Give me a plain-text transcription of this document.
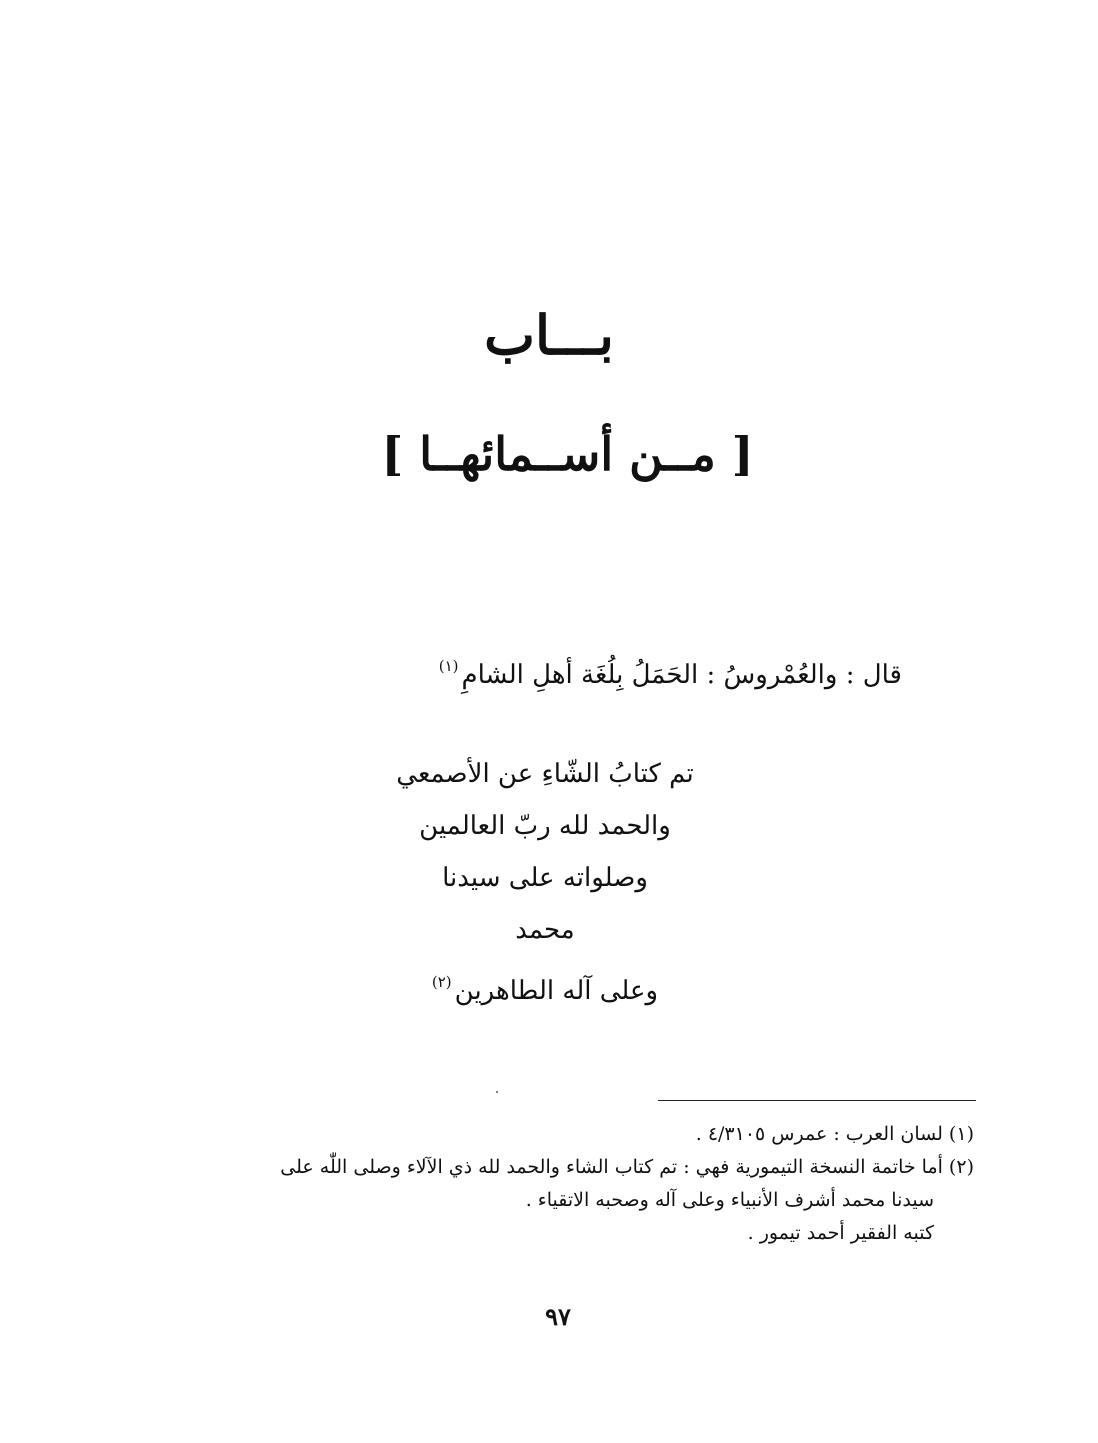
بـــاب
[ مــن أســمائهــا ]
قال : والعُمْروسُ : الحَمَلُ بِلُغَة أهلِ الشامِ$^{(١)}$
تم كتابُ الشّاءِ عن الأصمعي
والحمد لله ربّ العالمين
وصلواته على سيدنا
محمد
وعلى آله الطاهرين$^{(٢)}$
(١) لسان العرب : عمرس ٤/٣١٠٥ .
(٢) أما خاتمة النسخة التيمورية فهي : تم كتاب الشاء والحمد لله ذي الآلاء وصلى اللّٰه على
سيدنا محمد أشرف الأنبياء وعلى آله وصحبه الاتقياء .
كتبه الفقير أحمد تيمور .
٩٧
